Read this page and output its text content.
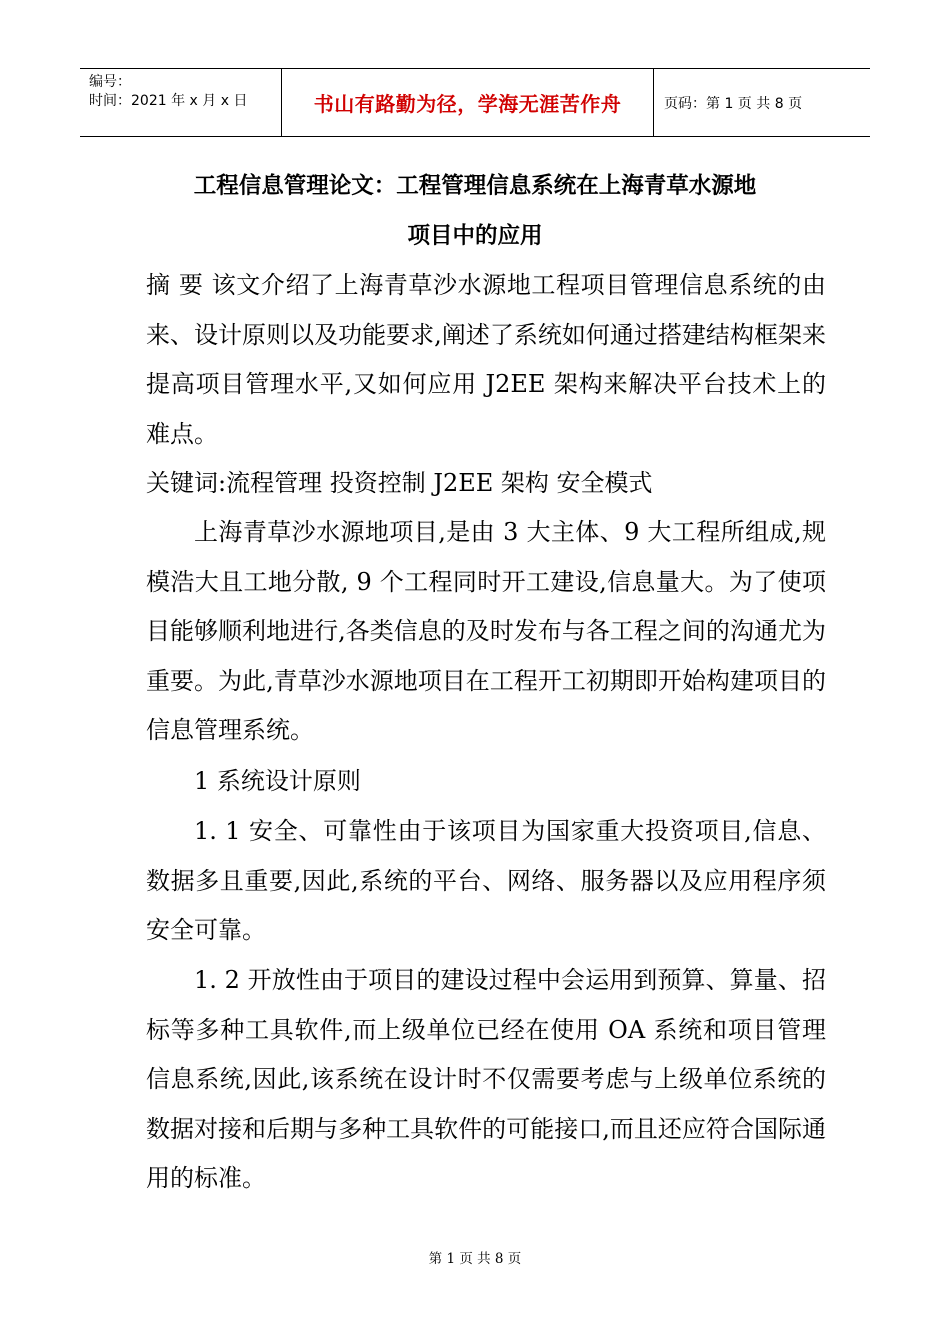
编号：
时间：2021 年 x 月 x 日	书山有路勤为径，学海无涯苦作舟	页码：第 1 页 共 8 页
工程信息管理论文：工程管理信息系统在上海青草水源地
项目中的应用
摘 要 该文介绍了上海青草沙水源地工程项目管理信息系统的由来、设计原则以及功能要求,阐述了系统如何通过搭建结构框架来提高项目管理水平,又如何应用 J2EE 架构来解决平台技术上的难点。
关键词:流程管理 投资控制 J2EE 架构 安全模式
上海青草沙水源地项目,是由 3 大主体、9 大工程所组成,规模浩大且工地分散, 9 个工程同时开工建设,信息量大。为了使项目能够顺利地进行,各类信息的及时发布与各工程之间的沟通尤为重要。为此,青草沙水源地项目在工程开工初期即开始构建项目的信息管理系统。
1 系统设计原则
1. 1 安全、可靠性由于该项目为国家重大投资项目,信息、数据多且重要,因此,系统的平台、网络、服务器以及应用程序须安全可靠。
1. 2 开放性由于项目的建设过程中会运用到预算、算量、招标等多种工具软件,而上级单位已经在使用 OA 系统和项目管理信息系统,因此,该系统在设计时不仅需要考虑与上级单位系统的数据对接和后期与多种工具软件的可能接口,而且还应符合国际通用的标准。
第 1 页 共 8 页
